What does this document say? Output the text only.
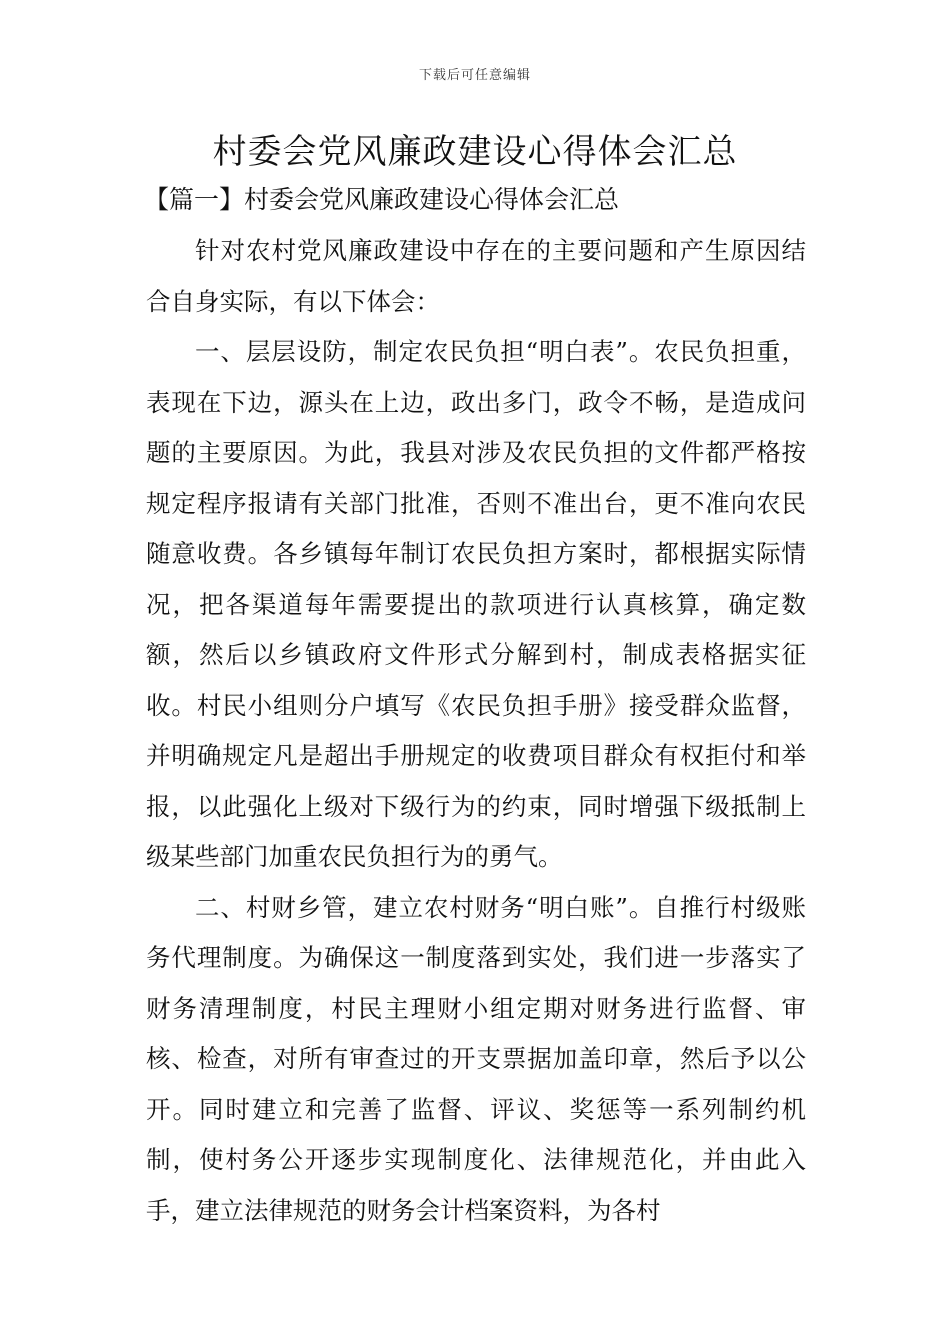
下载后可任意编辑
村委会党风廉政建设心得体会汇总
【篇一】村委会党风廉政建设心得体会汇总

针对农村党风廉政建设中存在的主要问题和产生原因结合自身实际，有以下体会：

一、层层设防，制定农民负担“明白表”。农民负担重，表现在下边，源头在上边，政出多门，政令不畅，是造成问题的主要原因。为此，我县对涉及农民负担的文件都严格按规定程序报请有关部门批准，否则不准出台，更不准向农民随意收费。各乡镇每年制订农民负担方案时，都根据实际情况，把各渠道每年需要提出的款项进行认真核算，确定数额，然后以乡镇政府文件形式分解到村，制成表格据实征收。村民小组则分户填写《农民负担手册》接受群众监督，并明确规定凡是超出手册规定的收费项目群众有权拒付和举报，以此强化上级对下级行为的约束，同时增强下级抵制上级某些部门加重农民负担行为的勇气。

二、村财乡管，建立农村财务“明白账”。自推行村级账务代理制度。为确保这一制度落到实处，我们进一步落实了财务清理制度，村民主理财小组定期对财务进行监督、审核、检查，对所有审查过的开支票据加盖印章，然后予以公开。同时建立和完善了监督、评议、奖惩等一系列制约机制，使村务公开逐步实现制度化、法律规范化，并由此入手，建立法律规范的财务会计档案资料，为各村
